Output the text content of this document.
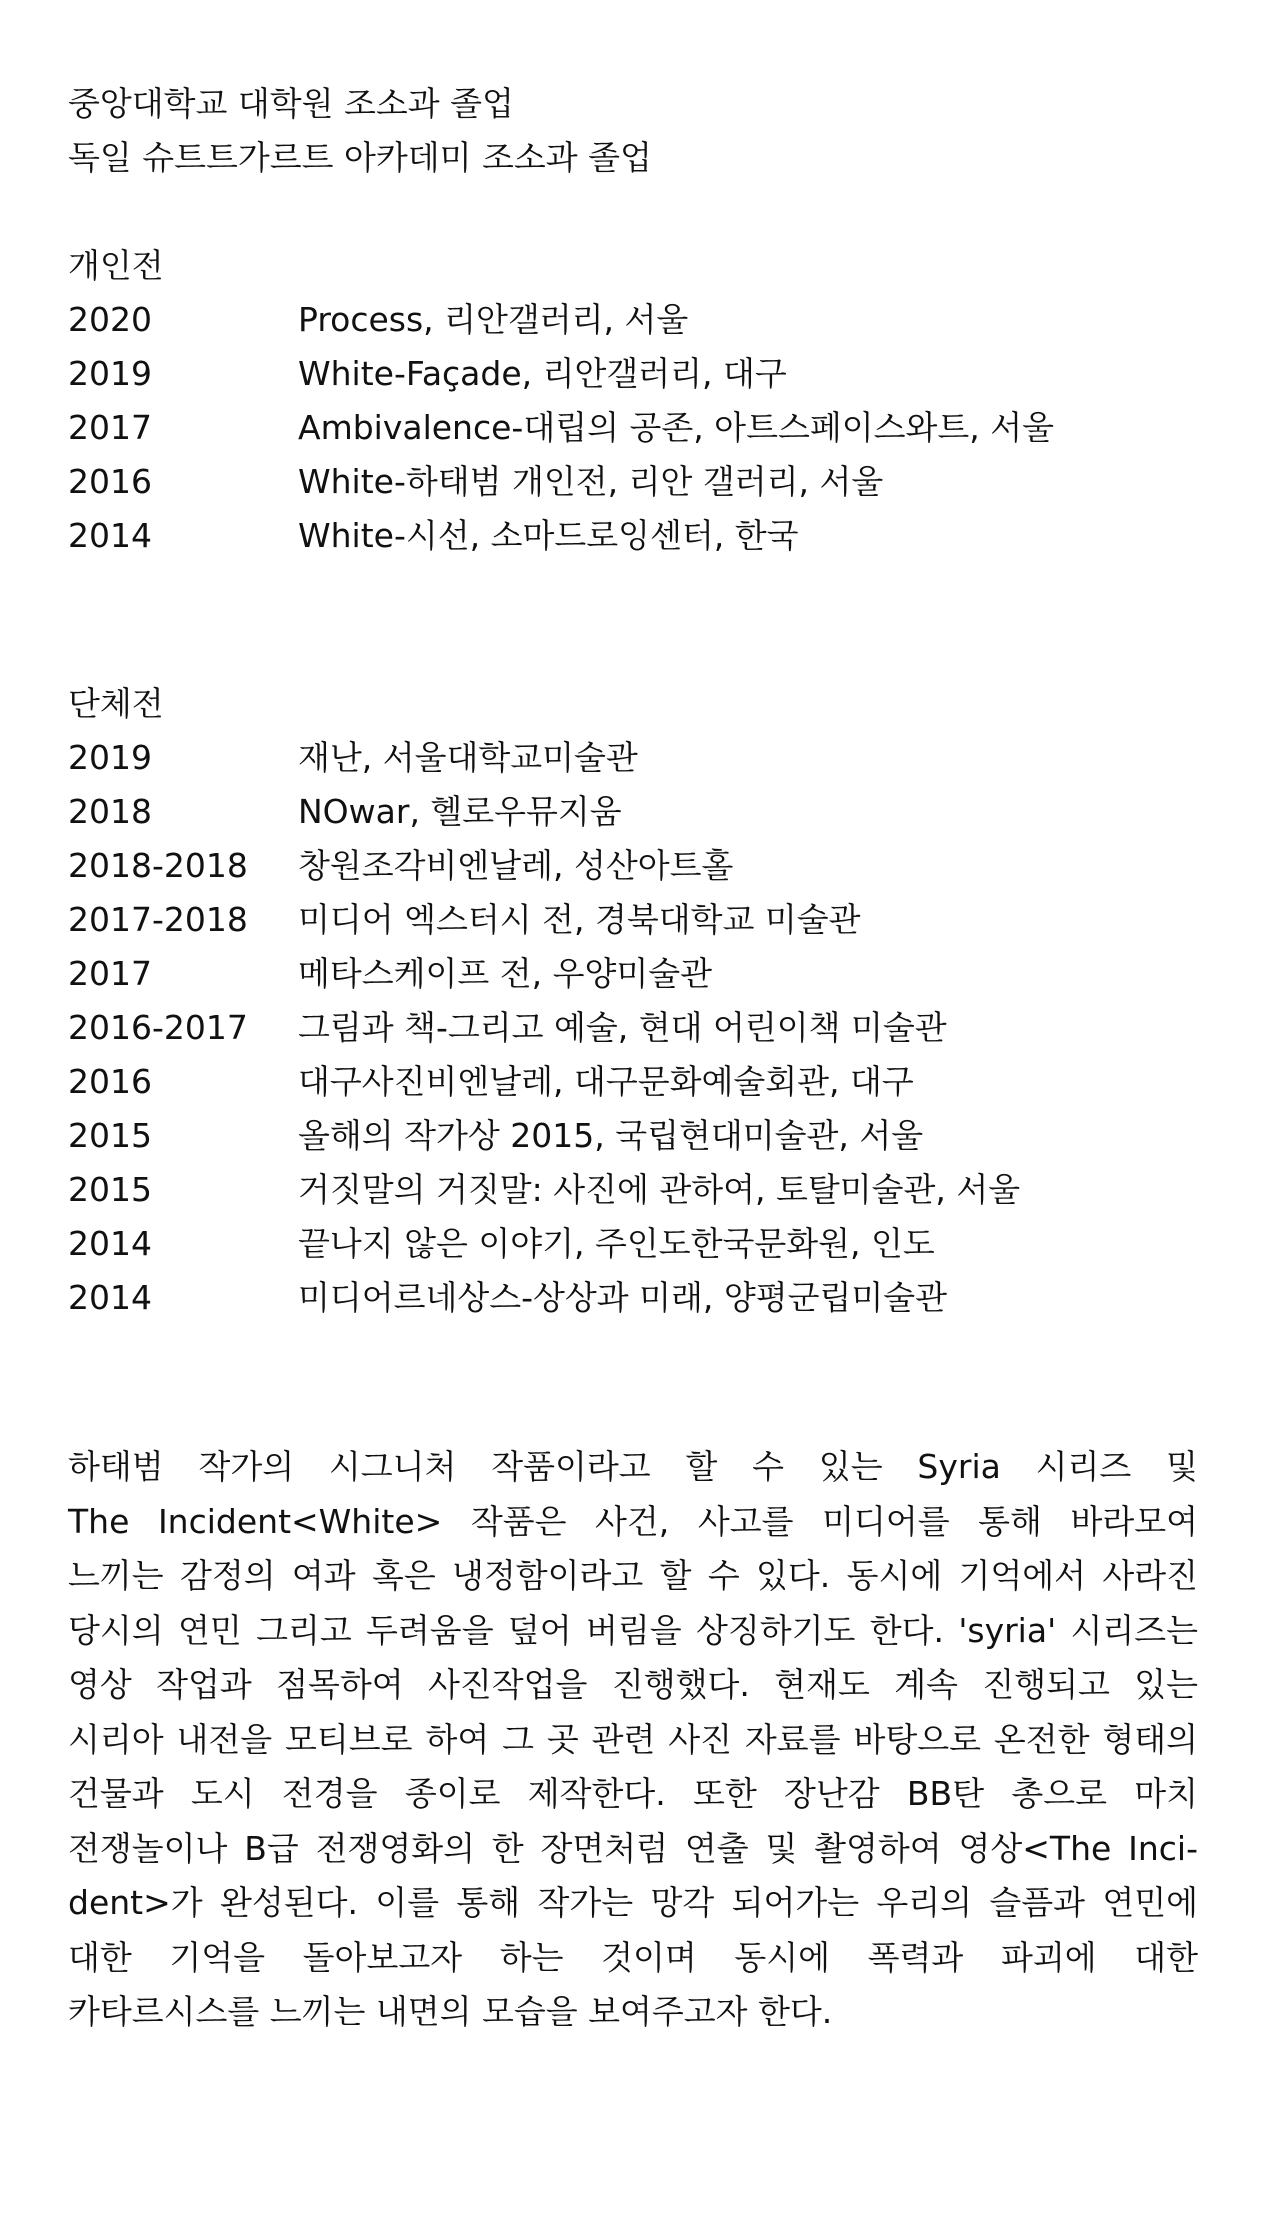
중앙대학교 대학원 조소과 졸업
독일 슈트트가르트 아카데미 조소과 졸업
개인전
2020	Process, 리안갤러리, 서울
2019	White-Façade, 리안갤러리, 대구
2017	Ambivalence-대립의 공존, 아트스페이스와트, 서울
2016	White-하태범 개인전, 리안 갤러리, 서울
2014	White-시선, 소마드로잉센터, 한국
단체전
2019	재난, 서울대학교미술관
2018	NOwar, 헬로우뮤지움
2018-2018	창원조각비엔날레, 성산아트홀
2017-2018	미디어 엑스터시 전, 경북대학교 미술관
2017	메타스케이프 전, 우양미술관
2016-2017	그림과 책-그리고 예술, 현대 어린이책 미술관
2016	대구사진비엔날레, 대구문화예술회관, 대구
2015	올해의 작가상 2015, 국립현대미술관, 서울
2015	거짓말의 거짓말: 사진에 관하여, 토탈미술관, 서울
2014	끝나지 않은 이야기, 주인도한국문화원, 인도
2014	미디어르네상스-상상과 미래, 양평군립미술관
하태범 작가의 시그니처 작품이라고 할 수 있는 Syria 시리즈 및
The Incident<White> 작품은 사건, 사고를 미디어를 통해 바라모여
느끼는 감정의 여과 혹은 냉정함이라고 할 수 있다. 동시에 기억에서 사라진
당시의 연민 그리고 두려움을 덮어 버림을 상징하기도 한다. 'syria' 시리즈는
영상 작업과 점목하여 사진작업을 진행했다. 현재도 계속 진행되고 있는
시리아 내전을 모티브로 하여 그 곳 관련 사진 자료를 바탕으로 온전한 형태의
건물과 도시 전경을 종이로 제작한다. 또한 장난감 BB탄 총으로 마치
전쟁놀이나 B급 전쟁영화의 한 장면처럼 연출 및 촬영하여 영상<The Inci-
dent>가 완성된다. 이를 통해 작가는 망각 되어가는 우리의 슬픔과 연민에
대한 기억을 돌아보고자 하는 것이며 동시에 폭력과 파괴에 대한
카타르시스를 느끼는 내면의 모습을 보여주고자 한다.
